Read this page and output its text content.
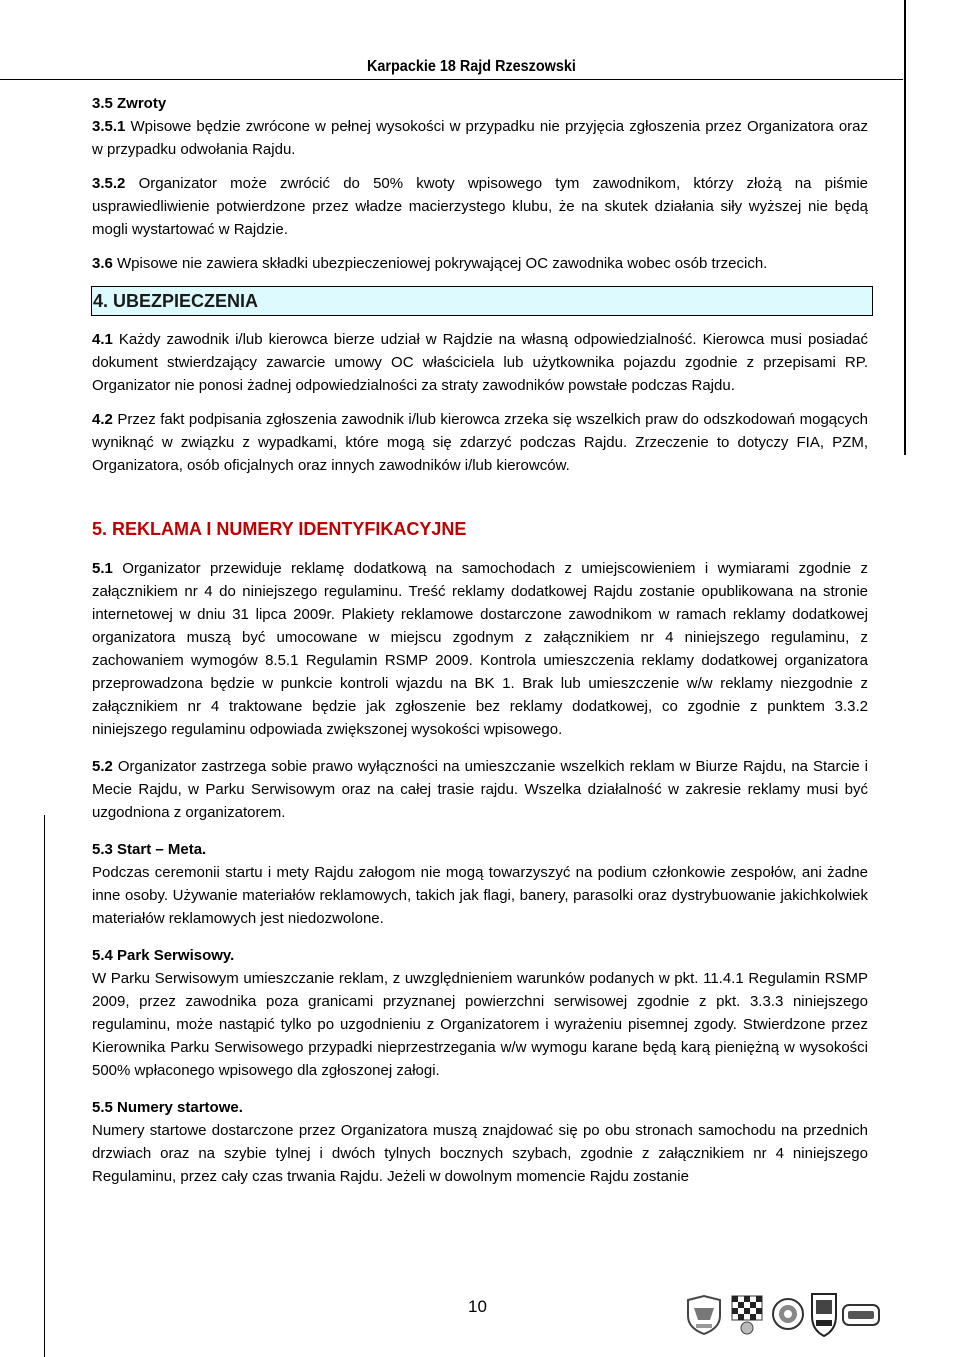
Karpackie 18 Rajd Rzeszowski

3.5 Zwroty

3.5.1 Wpisowe będzie zwrócone w pełnej wysokości w przypadku nie przyjęcia zgłoszenia przez Organizatora oraz w przypadku odwołania Rajdu.

3.5.2 Organizator może zwrócić do 50% kwoty wpisowego tym zawodnikom, którzy złożą na piśmie usprawiedliwienie potwierdzone przez władze macierzystego klubu, że na skutek działania siły wyższej nie będą mogli wystartować w Rajdzie.

3.6 Wpisowe nie zawiera składki ubezpieczeniowej pokrywającej OC zawodnika wobec osób trzecich.

4. UBEZPIECZENIA

4.1 Każdy zawodnik i/lub kierowca bierze udział w Rajdzie na własną odpowiedzialność. Kierowca musi posiadać dokument stwierdzający zawarcie umowy OC właściciela lub użytkownika pojazdu zgodnie z przepisami RP. Organizator nie ponosi żadnej odpowiedzialności za straty zawodników powstałe podczas Rajdu.

4.2 Przez fakt podpisania zgłoszenia zawodnik i/lub kierowca zrzeka się wszelkich praw do odszkodowań mogących wyniknąć w związku z wypadkami, które mogą się zdarzyć podczas Rajdu. Zrzeczenie to dotyczy FIA, PZM, Organizatora, osób oficjalnych oraz innych zawodników i/lub kierowców.

5. REKLAMA I NUMERY IDENTYFIKACYJNE

5.1 Organizator przewiduje reklamę dodatkową na samochodach z umiejscowieniem i wymiarami zgodnie z załącznikiem nr 4 do niniejszego regulaminu. Treść reklamy dodatkowej Rajdu zostanie opublikowana na stronie internetowej w dniu 31 lipca 2009r. Plakiety reklamowe dostarczone zawodnikom w ramach reklamy dodatkowej organizatora muszą być umocowane w miejscu zgodnym z załącznikiem nr 4 niniejszego regulaminu, z zachowaniem wymogów 8.5.1 Regulamin RSMP 2009. Kontrola umieszczenia reklamy dodatkowej organizatora przeprowadzona będzie w punkcie kontroli wjazdu na BK 1. Brak lub umieszczenie w/w reklamy niezgodnie z załącznikiem nr 4 traktowane będzie jak zgłoszenie bez reklamy dodatkowej, co zgodnie z punktem 3.3.2 niniejszego regulaminu odpowiada zwiększonej wysokości wpisowego.

5.2 Organizator zastrzega sobie prawo wyłączności na umieszczanie wszelkich reklam w Biurze Rajdu, na Starcie i Mecie Rajdu, w Parku Serwisowym oraz na całej trasie rajdu. Wszelka działalność w zakresie reklamy musi być uzgodniona z organizatorem.

5.3 Start – Meta.

Podczas ceremonii startu i mety Rajdu załogom nie mogą towarzyszyć na podium członkowie zespołów, ani żadne inne osoby. Używanie materiałów reklamowych, takich jak flagi, banery, parasolki oraz dystrybuowanie jakichkolwiek materiałów reklamowych jest niedozwolone.

5.4 Park Serwisowy.

W Parku Serwisowym umieszczanie reklam, z uwzględnieniem warunków podanych w pkt. 11.4.1 Regulamin RSMP 2009, przez zawodnika poza granicami przyznanej powierzchni serwisowej zgodnie z pkt. 3.3.3 niniejszego regulaminu, może nastąpić tylko po uzgodnieniu z Organizatorem i wyrażeniu pisemnej zgody. Stwierdzone przez Kierownika Parku Serwisowego przypadki nieprzestrzegania w/w wymogu karane będą karą pieniężną w wysokości 500% wpłaconego wpisowego dla zgłoszonej załogi.

5.5 Numery startowe.

Numery startowe dostarczone przez Organizatora muszą znajdować się po obu stronach samochodu na przednich drzwiach oraz na szybie tylnej i dwóch tylnych bocznych szybach, zgodnie z załącznikiem nr 4 niniejszego Regulaminu, przez cały czas trwania Rajdu. Jeżeli w dowolnym momencie Rajdu zostanie

10
